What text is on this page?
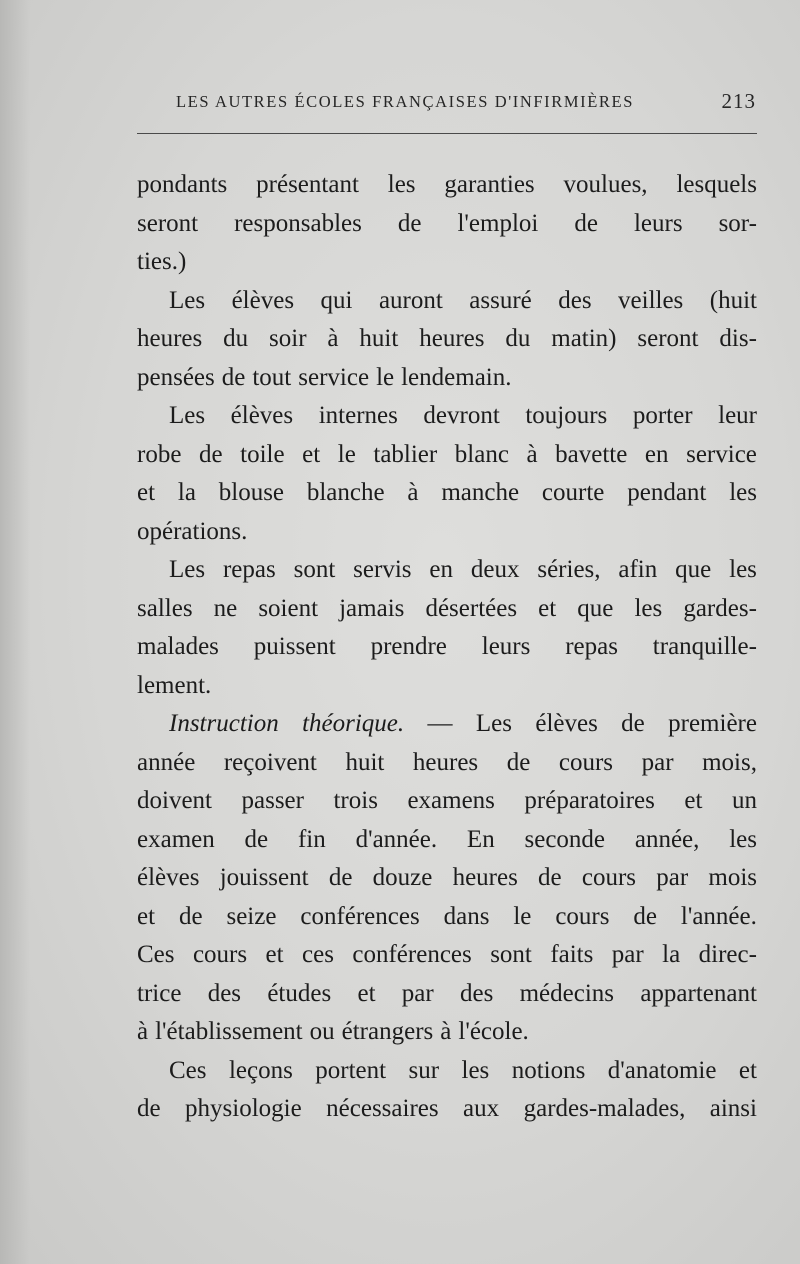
LES AUTRES ÉCOLES FRANÇAISES D'INFIRMIÈRES	213
pondants présentant les garanties voulues, lesquels
seront responsables de l'emploi de leurs sor-
ties.)
Les élèves qui auront assuré des veilles (huit
heures du soir à huit heures du matin) seront dis-
pensées de tout service le lendemain.
Les élèves internes devront toujours porter leur
robe de toile et le tablier blanc à bavette en service
et la blouse blanche à manche courte pendant les
opérations.
Les repas sont servis en deux séries, afin que les
salles ne soient jamais désertées et que les gardes-
malades puissent prendre leurs repas tranquille-
lement.
Instruction théorique. — Les élèves de première
année reçoivent huit heures de cours par mois,
doivent passer trois examens préparatoires et un
examen de fin d'année. En seconde année, les
élèves jouissent de douze heures de cours par mois
et de seize conférences dans le cours de l'année.
Ces cours et ces conférences sont faits par la direc-
trice des études et par des médecins appartenant
à l'établissement ou étrangers à l'école.
Ces leçons portent sur les notions d'anatomie et
de physiologie nécessaires aux gardes-malades, ainsi
